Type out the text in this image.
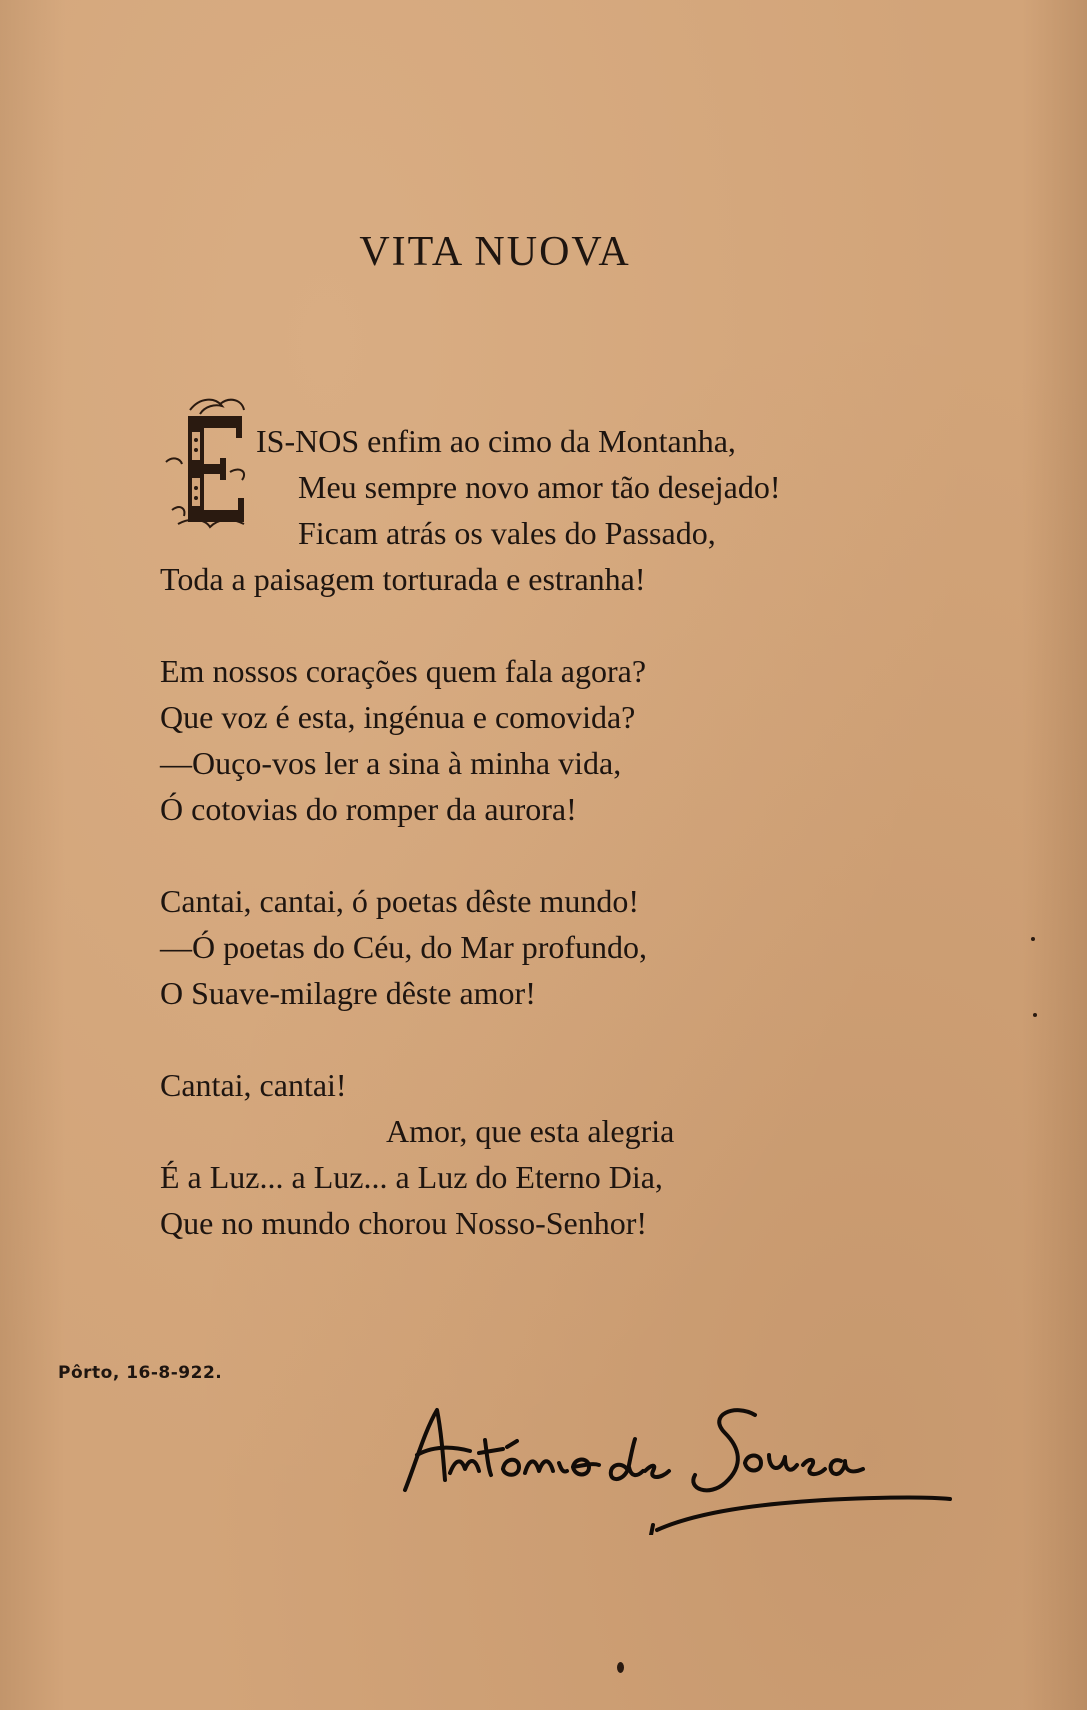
VITA NUOVA
IS-NOS enfim ao cimo da Montanha,
Meu sempre novo amor tão desejado!
Ficam atrás os vales do Passado,
Toda a paisagem torturada e estranha!
Em nossos corações quem fala agora?
Que voz é esta, ingénua e comovida?
—Ouço-vos ler a sina à minha vida,
Ó cotovias do romper da aurora!
Cantai, cantai, ó poetas dêste mundo!
—Ó poetas do Céu, do Mar profundo,
O Suave-milagre dêste amor!
Cantai, cantai!
Amor, que esta alegria
É a Luz... a Luz... a Luz do Eterno Dia,
Que no mundo chorou Nosso-Senhor!
Pôrto, 16-8-922.
